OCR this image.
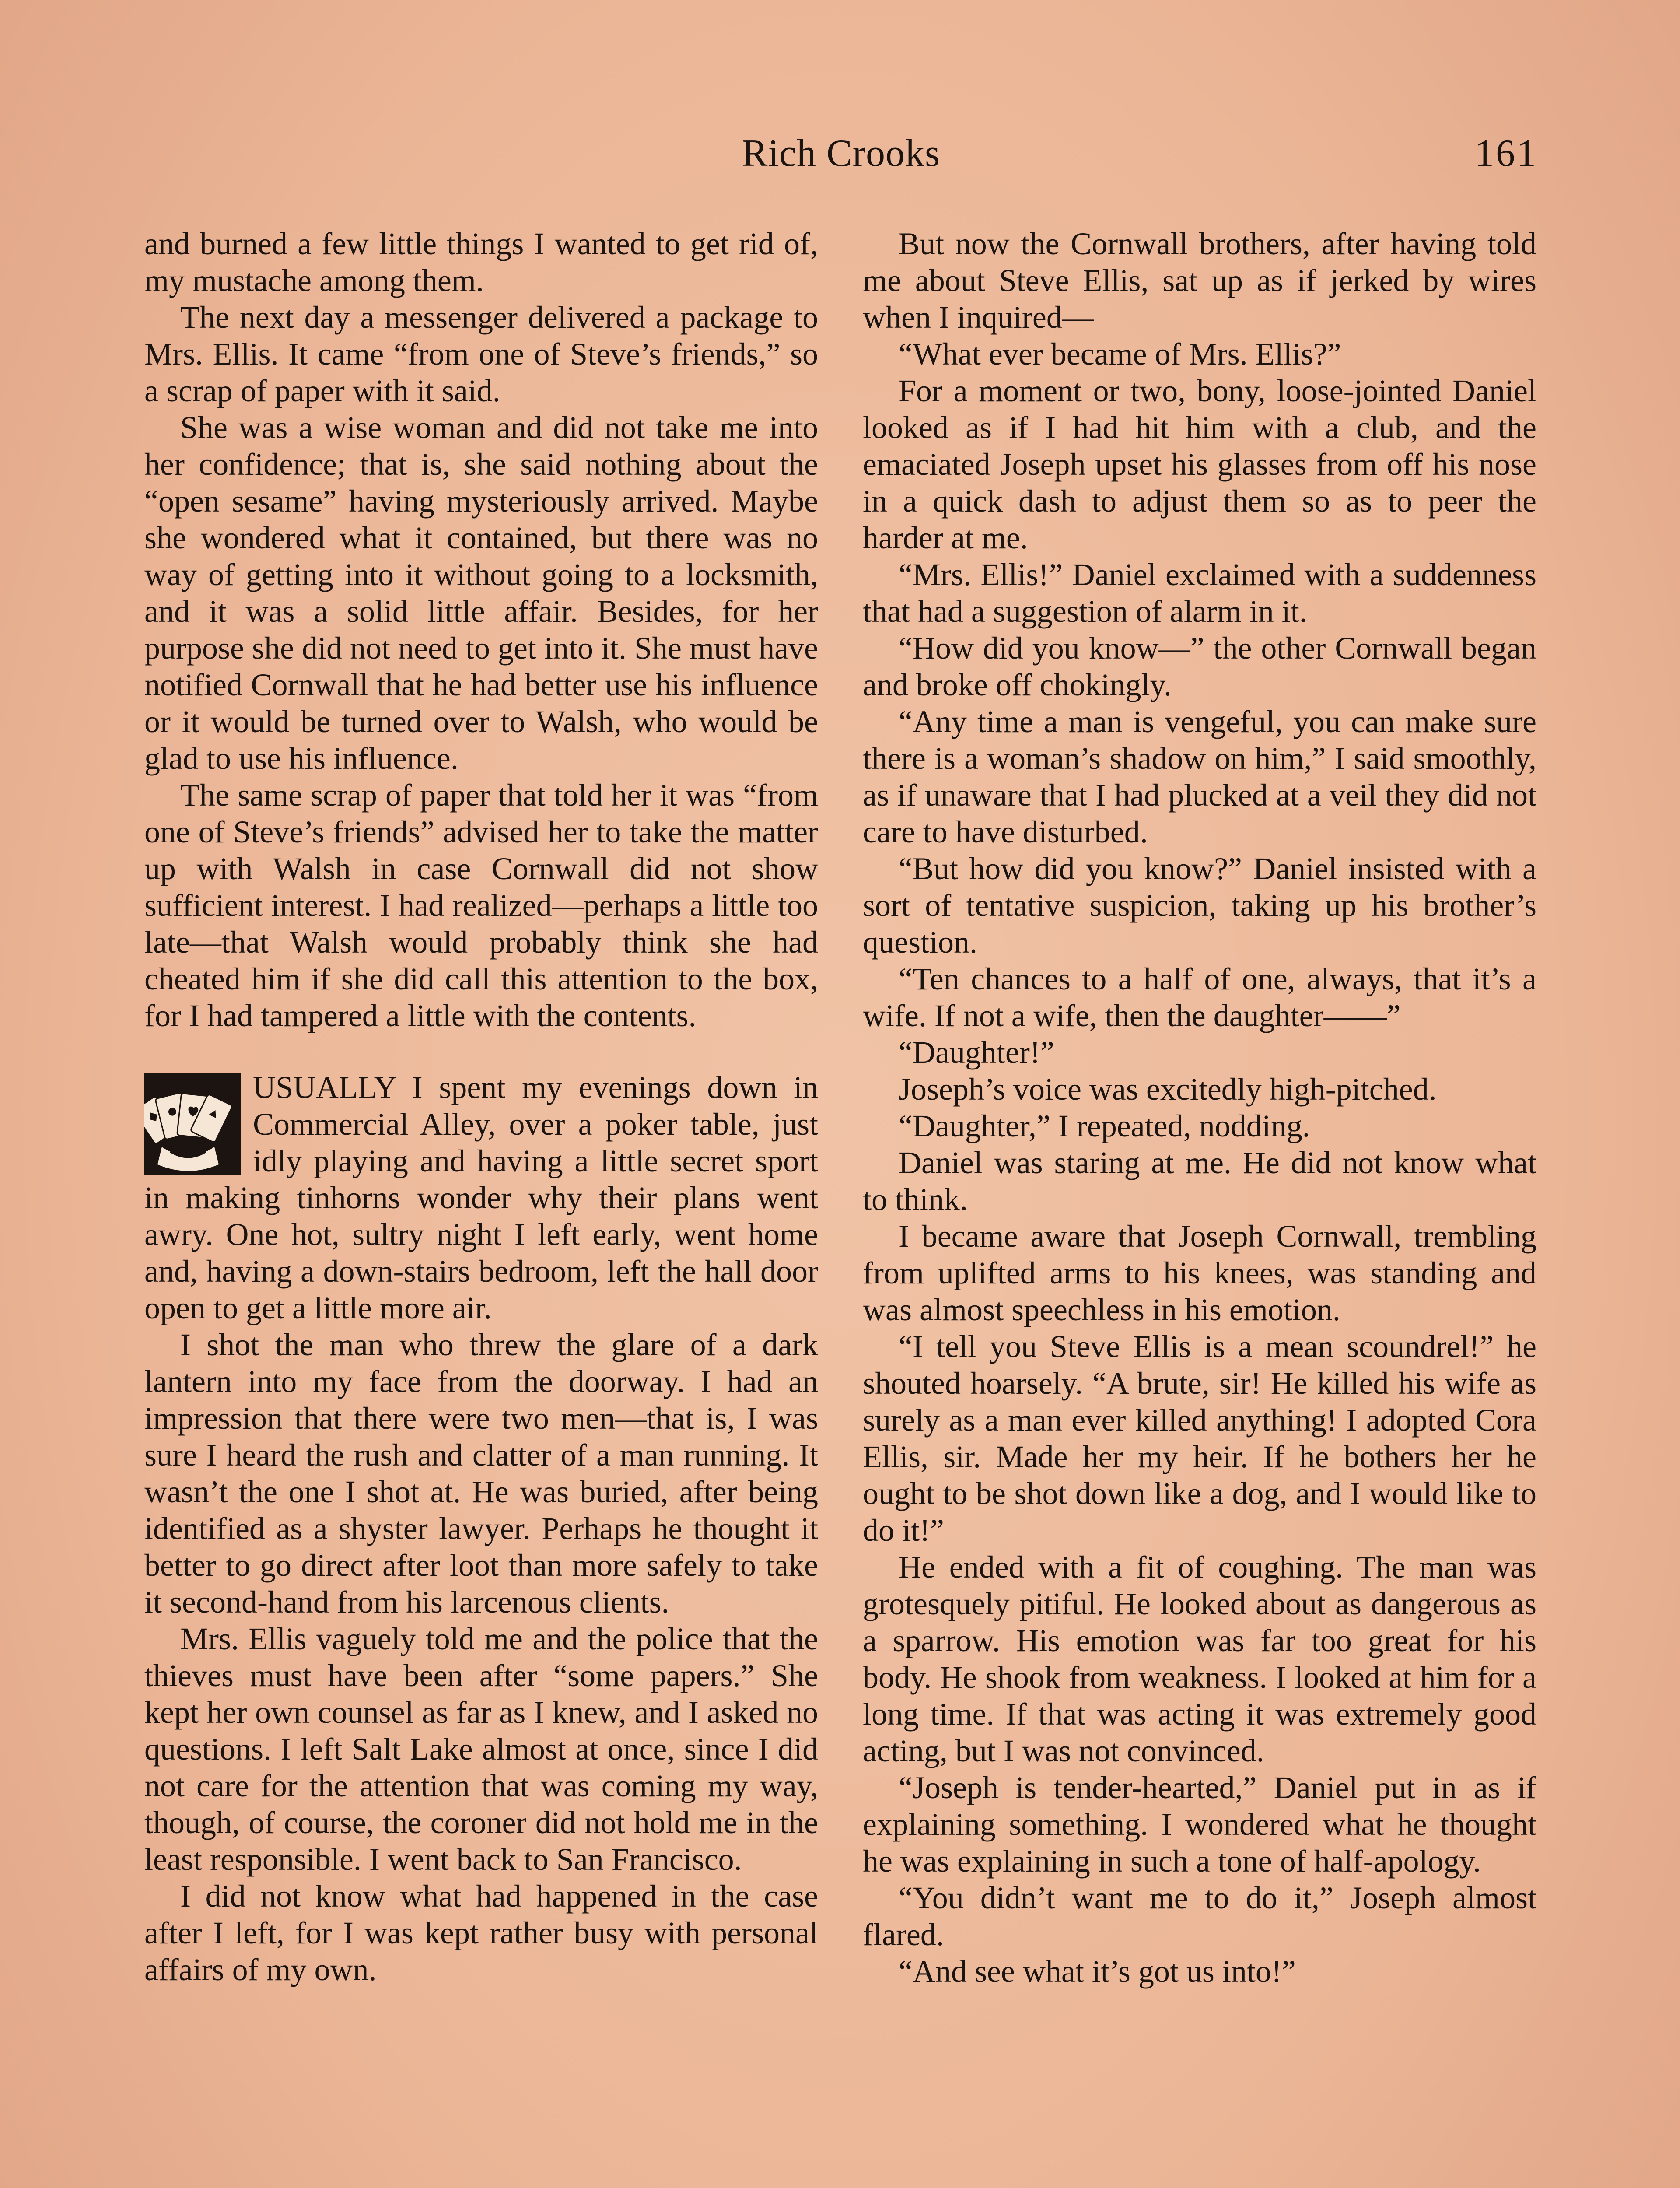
Rich Crooks	161

and burned a few little things I wanted to get rid of, my mustache among them.

The next day a messenger delivered a package to Mrs. Ellis. It came “from one of Steve’s friends,” so a scrap of paper with it said.

She was a wise woman and did not take me into her confidence; that is, she said nothing about the “open sesame” having mysteriously arrived. Maybe she wondered what it contained, but there was no way of getting into it without going to a locksmith, and it was a solid little affair. Besides, for her purpose she did not need to get into it. She must have notified Cornwall that he had better use his influence or it would be turned over to Walsh, who would be glad to use his influence.

The same scrap of paper that told her it was “from one of Steve’s friends” advised her to take the matter up with Walsh in case Cornwall did not show sufficient interest. I had realized—perhaps a little too late—that Walsh would probably think she had cheated him if she did call this attention to the box, for I had tampered a little with the contents.

USUALLY I spent my evenings down in Commercial Alley, over a poker table, just idly playing and having a little secret sport in making tinhorns wonder why their plans went awry. One hot, sultry night I left early, went home and, having a down-stairs bedroom, left the hall door open to get a little more air.

I shot the man who threw the glare of a dark lantern into my face from the doorway. I had an impression that there were two men—that is, I was sure I heard the rush and clatter of a man running. It wasn’t the one I shot at. He was buried, after being identified as a shyster lawyer. Perhaps he thought it better to go direct after loot than more safely to take it second-hand from his larcenous clients.

Mrs. Ellis vaguely told me and the police that the thieves must have been after “some papers.” She kept her own counsel as far as I knew, and I asked no questions. I left Salt Lake almost at once, since I did not care for the attention that was coming my way, though, of course, the coroner did not hold me in the least responsible. I went back to San Francisco.

I did not know what had happened in the case after I left, for I was kept rather busy with personal affairs of my own.

But now the Cornwall brothers, after having told me about Steve Ellis, sat up as if jerked by wires when I inquired—

“What ever became of Mrs. Ellis?”

For a moment or two, bony, loose-jointed Daniel looked as if I had hit him with a club, and the emaciated Joseph upset his glasses from off his nose in a quick dash to adjust them so as to peer the harder at me.

“Mrs. Ellis!” Daniel exclaimed with a suddenness that had a suggestion of alarm in it.

“How did you know—” the other Cornwall began and broke off chokingly.

“Any time a man is vengeful, you can make sure there is a woman’s shadow on him,” I said smoothly, as if unaware that I had plucked at a veil they did not care to have disturbed.

“But how did you know?” Daniel insisted with a sort of tentative suspicion, taking up his brother’s question.

“Ten chances to a half of one, always, that it’s a wife. If not a wife, then the daughter——”

“Daughter!”

Joseph’s voice was excitedly high-pitched.

“Daughter,” I repeated, nodding.

Daniel was staring at me. He did not know what to think.

I became aware that Joseph Cornwall, trembling from uplifted arms to his knees, was standing and was almost speechless in his emotion.

“I tell you Steve Ellis is a mean scoundrel!” he shouted hoarsely. “A brute, sir! He killed his wife as surely as a man ever killed anything! I adopted Cora Ellis, sir. Made her my heir. If he bothers her he ought to be shot down like a dog, and I would like to do it!”

He ended with a fit of coughing. The man was grotesquely pitiful. He looked about as dangerous as a sparrow. His emotion was far too great for his body. He shook from weakness. I looked at him for a long time. If that was acting it was extremely good acting, but I was not convinced.

“Joseph is tender-hearted,” Daniel put in as if explaining something. I wondered what he thought he was explaining in such a tone of half-apology.

“You didn’t want me to do it,” Joseph almost flared.

“And see what it’s got us into!”
